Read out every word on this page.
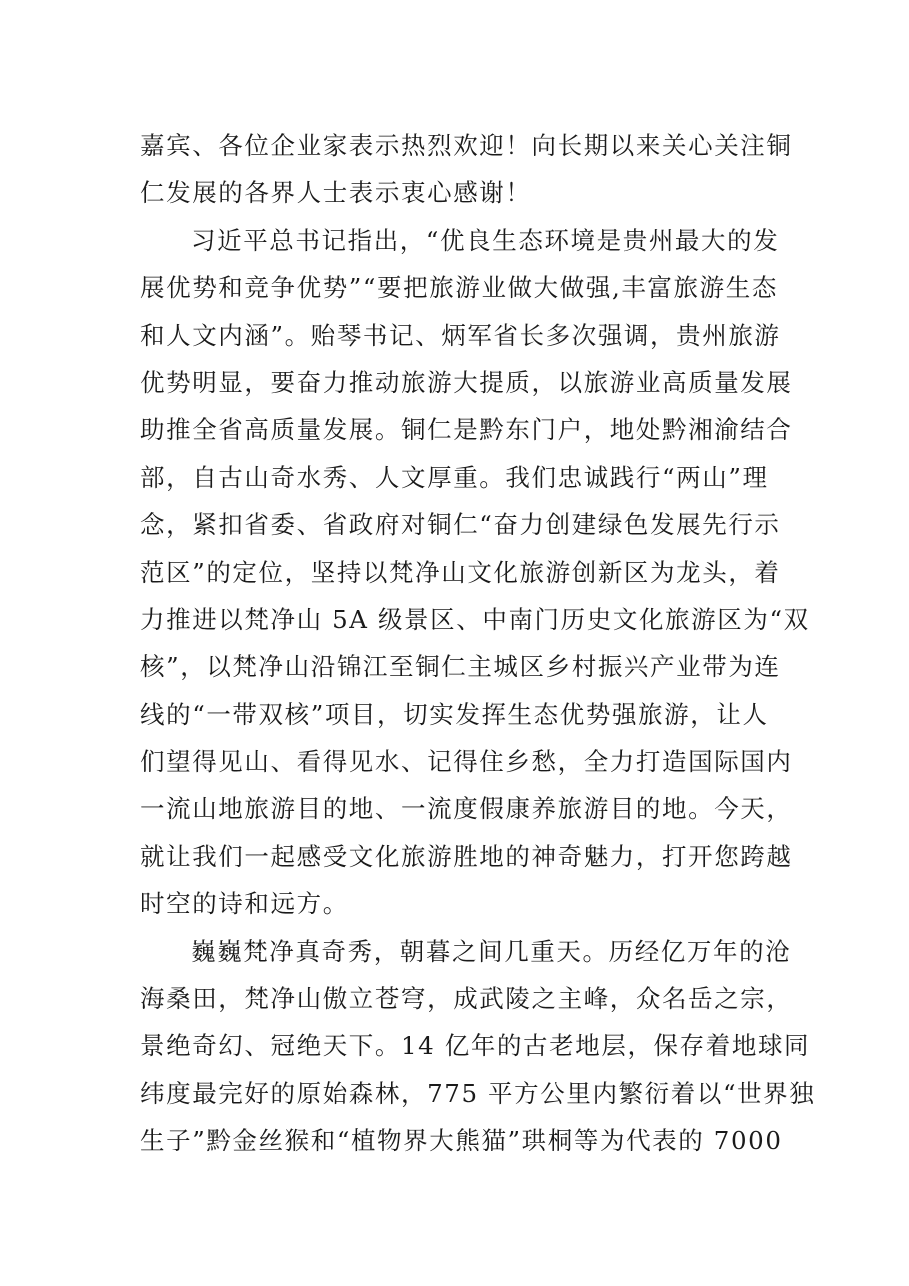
嘉宾、各位企业家表示热烈欢迎！向长期以来关心关注铜
仁发展的各界人士表示衷心感谢！
习近平总书记指出，“优良生态环境是贵州最大的发
展优势和竞争优势”“要把旅游业做大做强,丰富旅游生态
和人文内涵”。贻琴书记、炳军省长多次强调，贵州旅游
优势明显，要奋力推动旅游大提质，以旅游业高质量发展
助推全省高质量发展。铜仁是黔东门户，地处黔湘渝结合
部，自古山奇水秀、人文厚重。我们忠诚践行“两山”理
念，紧扣省委、省政府对铜仁“奋力创建绿色发展先行示
范区”的定位，坚持以梵净山文化旅游创新区为龙头，着
力推进以梵净山 5A 级景区、中南门历史文化旅游区为“双
核”，以梵净山沿锦江至铜仁主城区乡村振兴产业带为连
线的“一带双核”项目，切实发挥生态优势强旅游，让人
们望得见山、看得见水、记得住乡愁，全力打造国际国内
一流山地旅游目的地、一流度假康养旅游目的地。今天，
就让我们一起感受文化旅游胜地的神奇魅力，打开您跨越
时空的诗和远方。
巍巍梵净真奇秀，朝暮之间几重天。历经亿万年的沧
海桑田，梵净山傲立苍穹，成武陵之主峰，众名岳之宗，
景绝奇幻、冠绝天下。14 亿年的古老地层，保存着地球同
纬度最完好的原始森林，775 平方公里内繁衍着以“世界独
生子”黔金丝猴和“植物界大熊猫”珙桐等为代表的 7000
